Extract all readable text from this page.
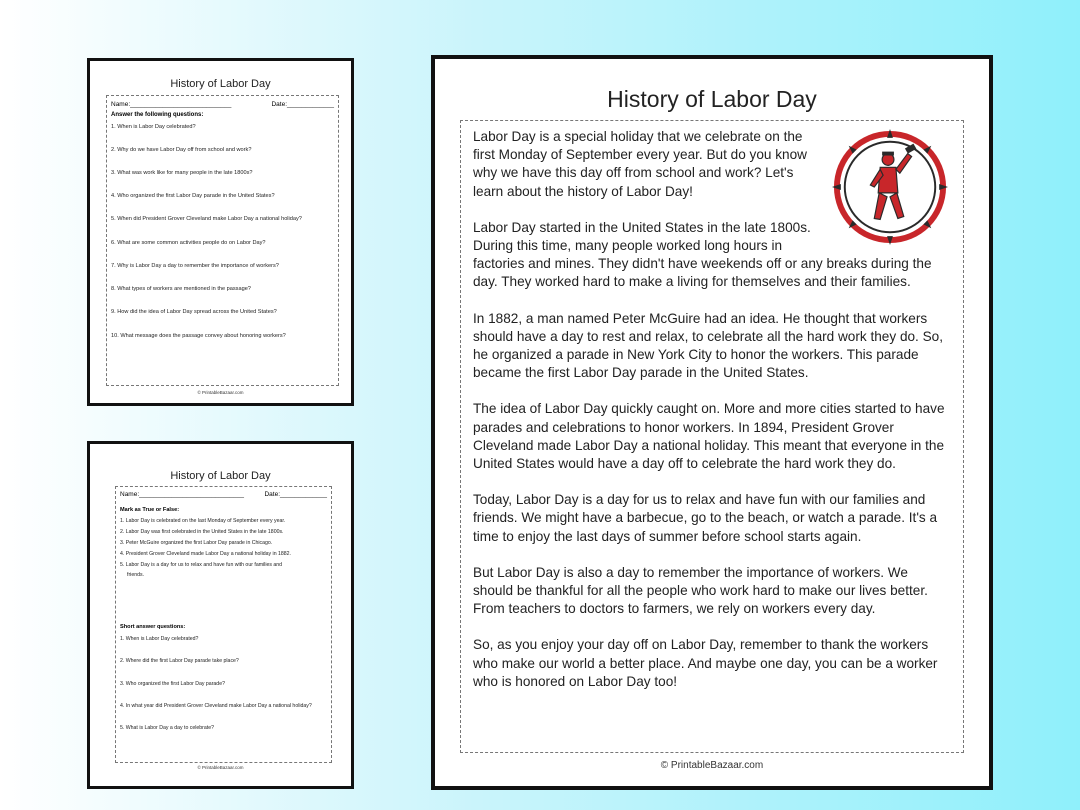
History of Labor Day
Name:____________________________	Date:_____________
Answer the following questions:
1. When is Labor Day celebrated?
2. Why do we have Labor Day off from school and work?
3. What was work like for many people in the late 1800s?
4. Who organized the first Labor Day parade in the United States?
5. When did President Grover Cleveland make Labor Day a national holiday?
6. What are some common activities people do on Labor Day?
7. Why is Labor Day a day to remember the importance of workers?
8. What types of workers are mentioned in the passage?
9. How did the idea of Labor Day spread across the United States?
10. What message does the passage convey about honoring workers?
© PrintableBazaar.com
History of Labor Day
Name:_____________________________	Date:_____________
Mark as True or False:
1. Labor Day is celebrated on the last Monday of September every year.
2. Labor Day was first celebrated in the United States in the late 1800s.
3. Peter McGuire organized the first Labor Day parade in Chicago.
4. President Grover Cleveland made Labor Day a national holiday in 1882.
5. Labor Day is a day for us to relax and have fun with our families and
friends.
Short answer questions:
1. When is Labor Day celebrated?
2. Where did the first Labor Day parade take place?
3. Who organized the first Labor Day parade?
4. In what year did President Grover Cleveland make Labor Day a national holiday?
5. What is Labor Day a day to celebrate?
© PrintableBazaar.com
History of Labor Day

Labor Day is a special holiday that we celebrate on the first Monday of September every year. But do you know why we have this day off from school and work? Let's learn about the history of Labor Day!

Labor Day started in the United States in the late 1800s. During this time, many people worked long hours in factories and mines. They didn't have weekends off or any breaks during the day. They worked hard to make a living for themselves and their families.

In 1882, a man named Peter McGuire had an idea. He thought that workers should have a day to rest and relax, to celebrate all the hard work they do. So, he organized a parade in New York City to honor the workers. This parade became the first Labor Day parade in the United States.

The idea of Labor Day quickly caught on. More and more cities started to have parades and celebrations to honor workers. In 1894, President Grover Cleveland made Labor Day a national holiday. This meant that everyone in the United States would have a day off to celebrate the hard work they do.

Today, Labor Day is a day for us to relax and have fun with our families and friends. We might have a barbecue, go to the beach, or watch a parade. It's a time to enjoy the last days of summer before school starts again.

But Labor Day is also a day to remember the importance of workers. We should be thankful for all the people who work hard to make our lives better. From teachers to doctors to farmers, we rely on workers every day.

So, as you enjoy your day off on Labor Day, remember to thank the workers who make our world a better place. And maybe one day, you can be a worker who is honored on Labor Day too!

© PrintableBazaar.com
